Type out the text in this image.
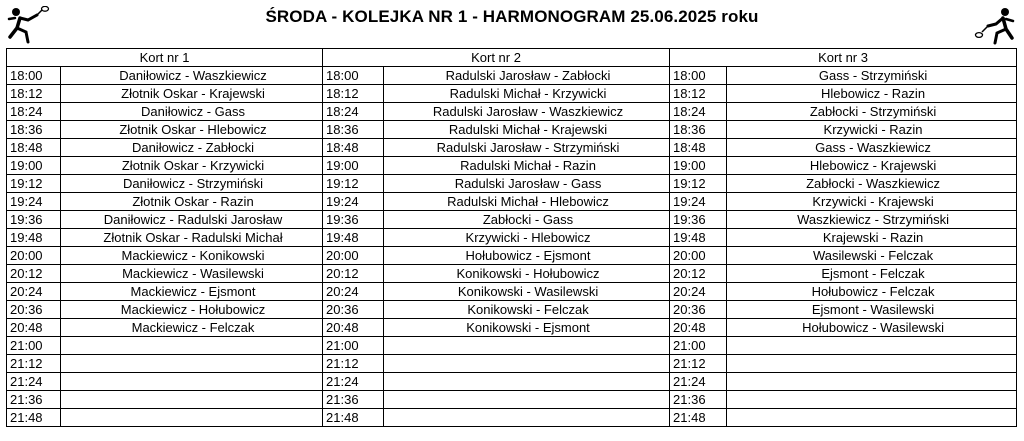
ŚRODA - KOLEJKA NR 1 - HARMONOGRAM 25.06.2025 roku
Kort nr 1		Kort nr 2		Kort nr 3	
18:00	Daniłowicz - Waszkiewicz	18:00	Radulski Jarosław - Zabłocki	18:00	Gass - Strzymiński
18:12	Złotnik Oskar - Krajewski	18:12	Radulski Michał - Krzywicki	18:12	Hlebowicz - Razin
18:24	Daniłowicz - Gass	18:24	Radulski Jarosław - Waszkiewicz	18:24	Zabłocki - Strzymiński
18:36	Złotnik Oskar - Hlebowicz	18:36	Radulski Michał - Krajewski	18:36	Krzywicki - Razin
18:48	Daniłowicz - Zabłocki	18:48	Radulski Jarosław - Strzymiński	18:48	Gass - Waszkiewicz
19:00	Złotnik Oskar - Krzywicki	19:00	Radulski Michał - Razin	19:00	Hlebowicz - Krajewski
19:12	Daniłowicz - Strzymiński	19:12	Radulski Jarosław - Gass	19:12	Zabłocki - Waszkiewicz
19:24	Złotnik Oskar - Razin	19:24	Radulski Michał - Hlebowicz	19:24	Krzywicki - Krajewski
19:36	Daniłowicz - Radulski Jarosław	19:36	Zabłocki - Gass	19:36	Waszkiewicz - Strzymiński
19:48	Złotnik Oskar - Radulski Michał	19:48	Krzywicki - Hlebowicz	19:48	Krajewski - Razin
20:00	Mackiewicz - Konikowski	20:00	Hołubowicz - Ejsmont	20:00	Wasilewski - Felczak
20:12	Mackiewicz - Wasilewski	20:12	Konikowski - Hołubowicz	20:12	Ejsmont - Felczak
20:24	Mackiewicz - Ejsmont	20:24	Konikowski - Wasilewski	20:24	Hołubowicz - Felczak
20:36	Mackiewicz - Hołubowicz	20:36	Konikowski - Felczak	20:36	Ejsmont - Wasilewski
20:48	Mackiewicz - Felczak	20:48	Konikowski - Ejsmont	20:48	Hołubowicz - Wasilewski
21:00		21:00		21:00	
21:12		21:12		21:12	
21:24		21:24		21:24	
21:36		21:36		21:36	
21:48		21:48		21:48	
